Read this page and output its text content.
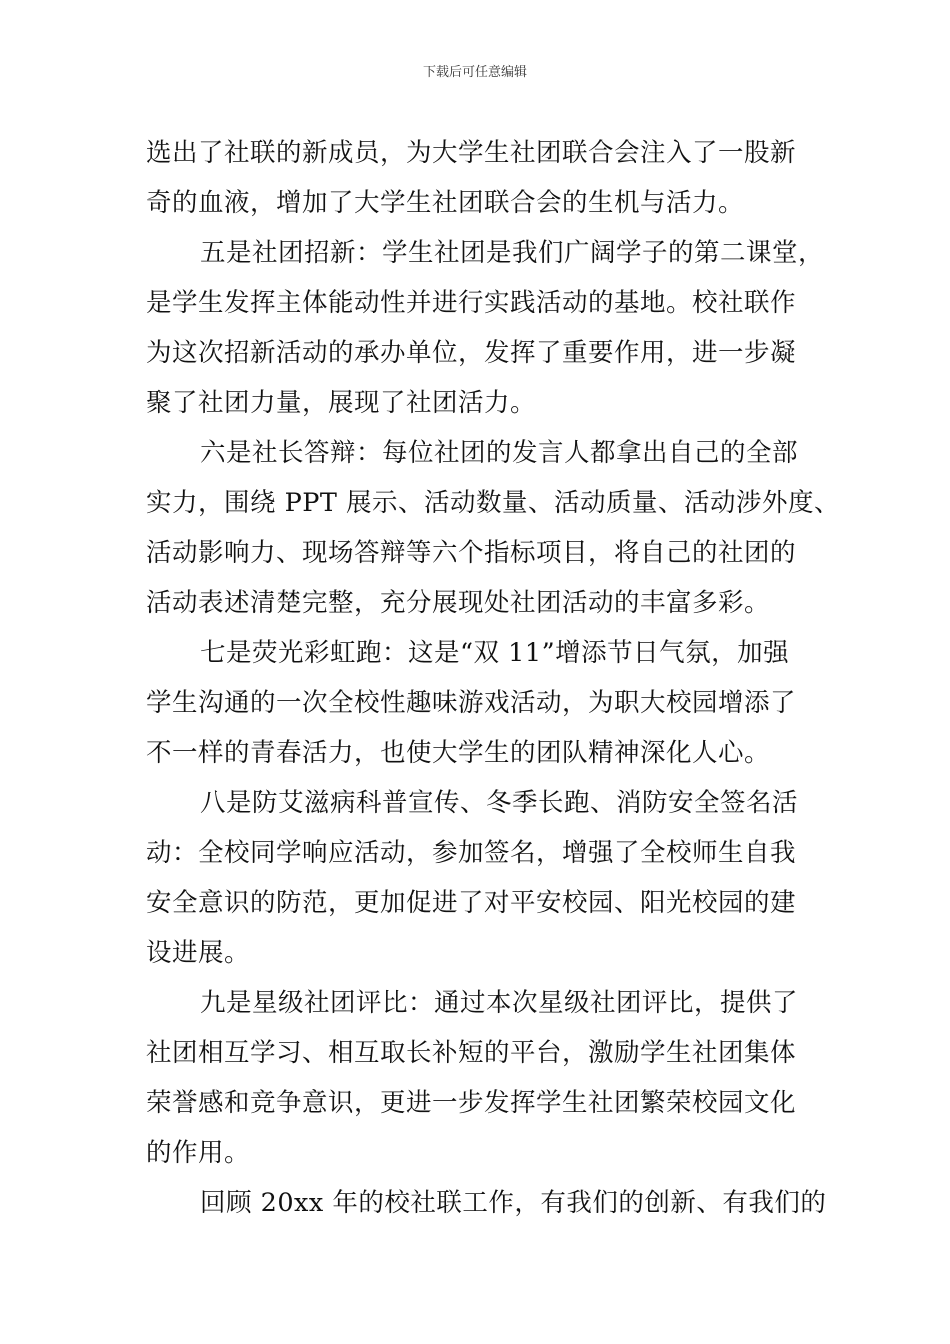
下载后可任意编辑
选出了社联的新成员，为大学生社团联合会注入了一股新
奇的血液，增加了大学生社团联合会的生机与活力。
五是社团招新：学生社团是我们广阔学子的第二课堂，
是学生发挥主体能动性并进行实践活动的基地。校社联作
为这次招新活动的承办单位，发挥了重要作用，进一步凝
聚了社团力量，展现了社团活力。
六是社长答辩：每位社团的发言人都拿出自己的全部
实力，围绕 PPT 展示、活动数量、活动质量、活动涉外度、
活动影响力、现场答辩等六个指标项目，将自己的社团的
活动表述清楚完整，充分展现处社团活动的丰富多彩。
七是荧光彩虹跑：这是“双 11”增添节日气氛，加强
学生沟通的一次全校性趣味游戏活动，为职大校园增添了
不一样的青春活力，也使大学生的团队精神深化人心。
八是防艾滋病科普宣传、冬季长跑、消防安全签名活
动：全校同学响应活动，参加签名，增强了全校师生自我
安全意识的防范，更加促进了对平安校园、阳光校园的建
设进展。
九是星级社团评比：通过本次星级社团评比，提供了
社团相互学习、相互取长补短的平台，激励学生社团集体
荣誉感和竞争意识，更进一步发挥学生社团繁荣校园文化
的作用。
回顾 20xx 年的校社联工作，有我们的创新、有我们的
